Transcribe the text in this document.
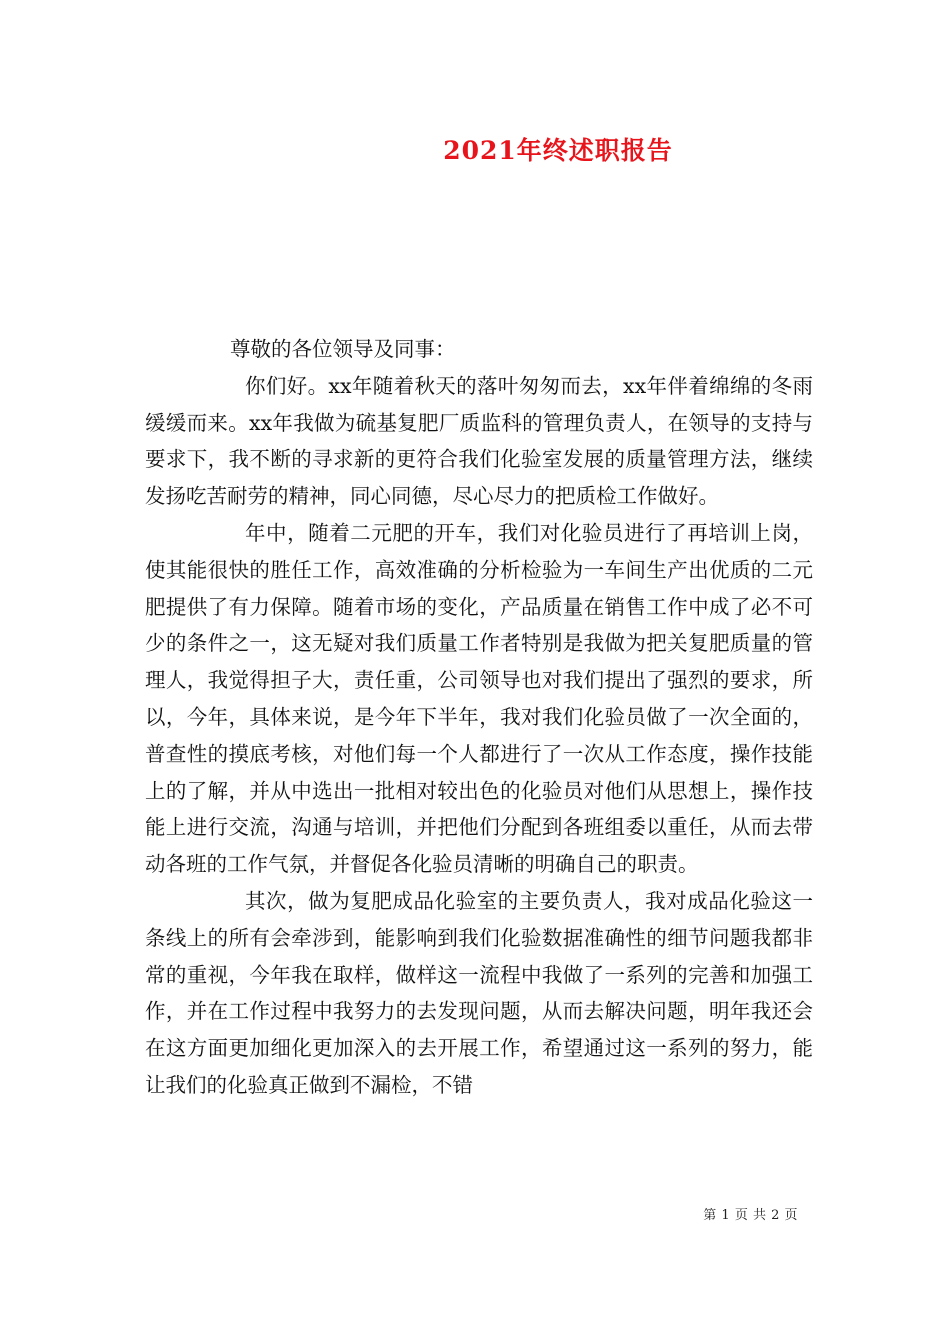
2021年终述职报告

尊敬的各位领导及同事：

你们好。xx年随着秋天的落叶匆匆而去，xx年伴着绵绵的冬雨缓缓而来。xx年我做为硫基复肥厂质监科的管理负责人，在领导的支持与要求下，我不断的寻求新的更符合我们化验室发展的质量管理方法，继续发扬吃苦耐劳的精神，同心同德，尽心尽力的把质检工作做好。

年中，随着二元肥的开车，我们对化验员进行了再培训上岗，使其能很快的胜任工作，高效准确的分析检验为一车间生产出优质的二元肥提供了有力保障。随着市场的变化，产品质量在销售工作中成了必不可少的条件之一，这无疑对我们质量工作者特别是我做为把关复肥质量的管理人，我觉得担子大，责任重，公司领导也对我们提出了强烈的要求，所以，今年，具体来说，是今年下半年，我对我们化验员做了一次全面的，普查性的摸底考核，对他们每一个人都进行了一次从工作态度，操作技能上的了解，并从中选出一批相对较出色的化验员对他们从思想上，操作技能上进行交流，沟通与培训，并把他们分配到各班组委以重任，从而去带动各班的工作气氛，并督促各化验员清晰的明确自己的职责。

其次，做为复肥成品化验室的主要负责人，我对成品化验这一条线上的所有会牵涉到，能影响到我们化验数据准确性的细节问题我都非常的重视，今年我在取样，做样这一流程中我做了一系列的完善和加强工作，并在工作过程中我努力的去发现问题，从而去解决问题，明年我还会在这方面更加细化更加深入的去开展工作，希望通过这一系列的努力，能让我们的化验真正做到不漏检，不错

第 1 页 共 2 页
